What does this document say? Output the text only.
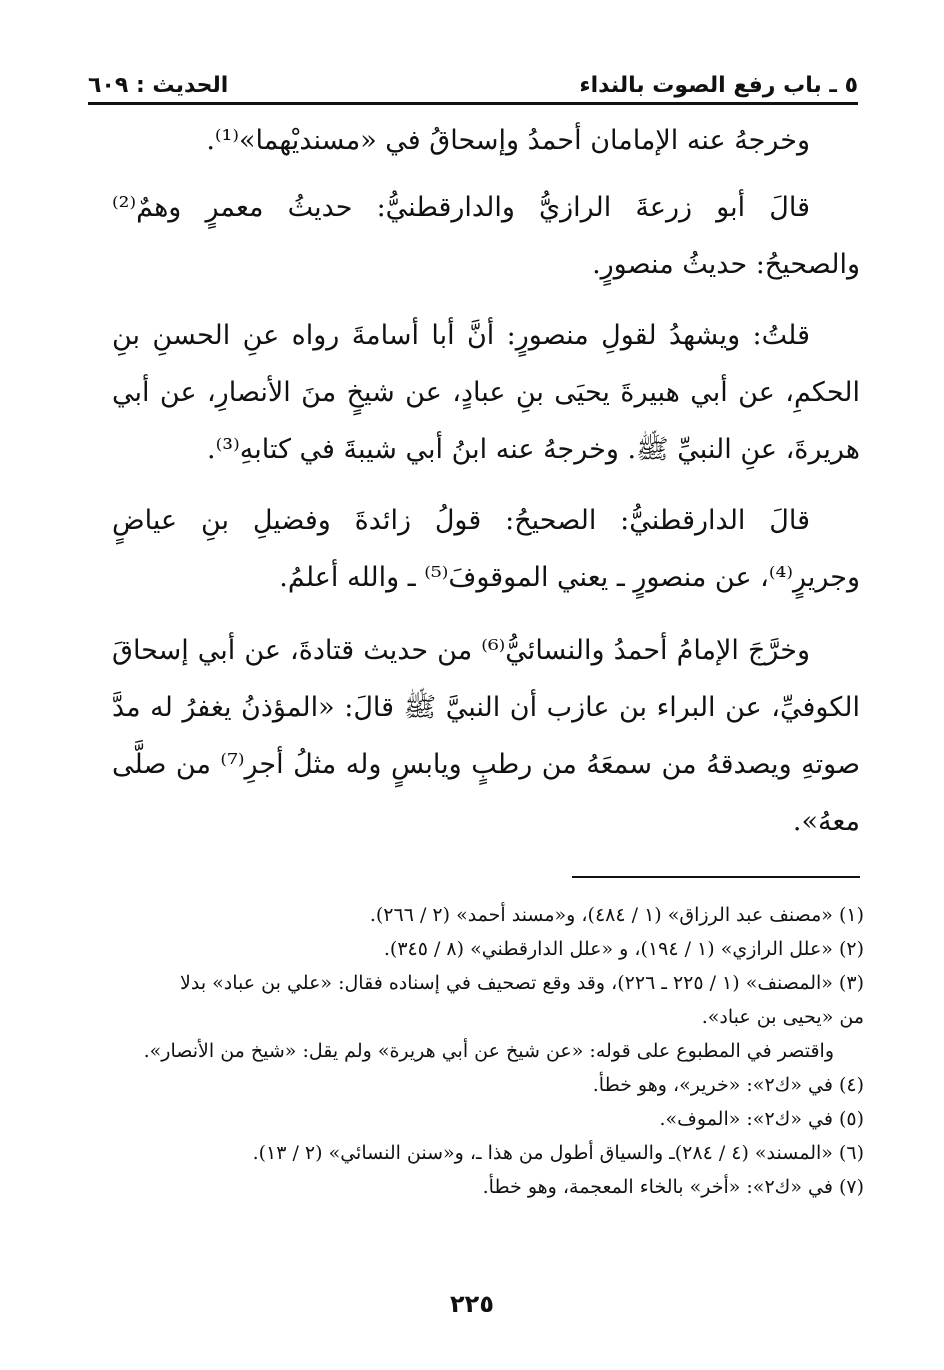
٥ ـ باب رفع الصوت بالنداء
الحديث : ٦٠٩

وخرجهُ عنه الإمامان أحمدُ وإسحاقُ في «مسنديْهما»⁽¹⁾.

قالَ أبو زرعةَ الرازيُّ والدارقطنيُّ: حديثُ معمرٍ وهمٌ⁽²⁾ والصحيحُ: حديثُ منصورٍ.

قلتُ: ويشهدُ لقولِ منصورٍ: أنَّ أبا أسامةَ رواه عنِ الحسنِ بنِ الحكمِ، عن أبي هبيرةَ يحيَى بنِ عبادٍ، عن شيخٍ منَ الأنصارِ، عن أبي هريرةَ، عنِ النبيِّ ﷺ. وخرجهُ عنه ابنُ أبي شيبةَ في كتابهِ⁽³⁾.

قالَ الدارقطنيُّ: الصحيحُ: قولُ زائدةَ وفضيلِ بنِ عياضٍ وجريرٍ⁽⁴⁾، عن منصورٍ ـ يعني الموقوفَ⁽⁵⁾ ـ والله أعلمُ.

وخرَّجَ الإمامُ أحمدُ والنسائيُّ⁽⁶⁾ من حديث قتادةَ، عن أبي إسحاقَ الكوفيِّ، عن البراء بن عازب أن النبيَّ ﷺ قالَ: «المؤذنُ يغفرُ له مدَّ صوتهِ ويصدقهُ من سمعَهُ من رطبٍ ويابسٍ وله مثلُ أجرِ⁽⁷⁾ من صلَّى معهُ».

(١) «مصنف عبد الرزاق» (١ / ٤٨٤)، و«مسند أحمد» (٢ / ٢٦٦).

(٢) «علل الرازي» (١ / ١٩٤)، و «علل الدارقطني» (٨ / ٣٤٥).

(٣) «المصنف» (١ / ٢٢٥ ـ ٢٢٦)، وقد وقع تصحيف في إسناده فقال: «علي بن عباد» بدلا

من «يحيى بن عباد».

واقتصر في المطبوع على قوله: «عن شيخ عن أبي هريرة» ولم يقل: «شيخ من الأنصار».

(٤) في «ك٢»: «خرير»، وهو خطأ.

(٥) في «ك٢»: «الموف».

(٦) «المسند» (٤ / ٢٨٤)ـ والسياق أطول من هذا ـ، و«سنن النسائي» (٢ / ١٣).

(٧) في «ك٢»: «أخر» بالخاء المعجمة، وهو خطأ.

٢٢٥
